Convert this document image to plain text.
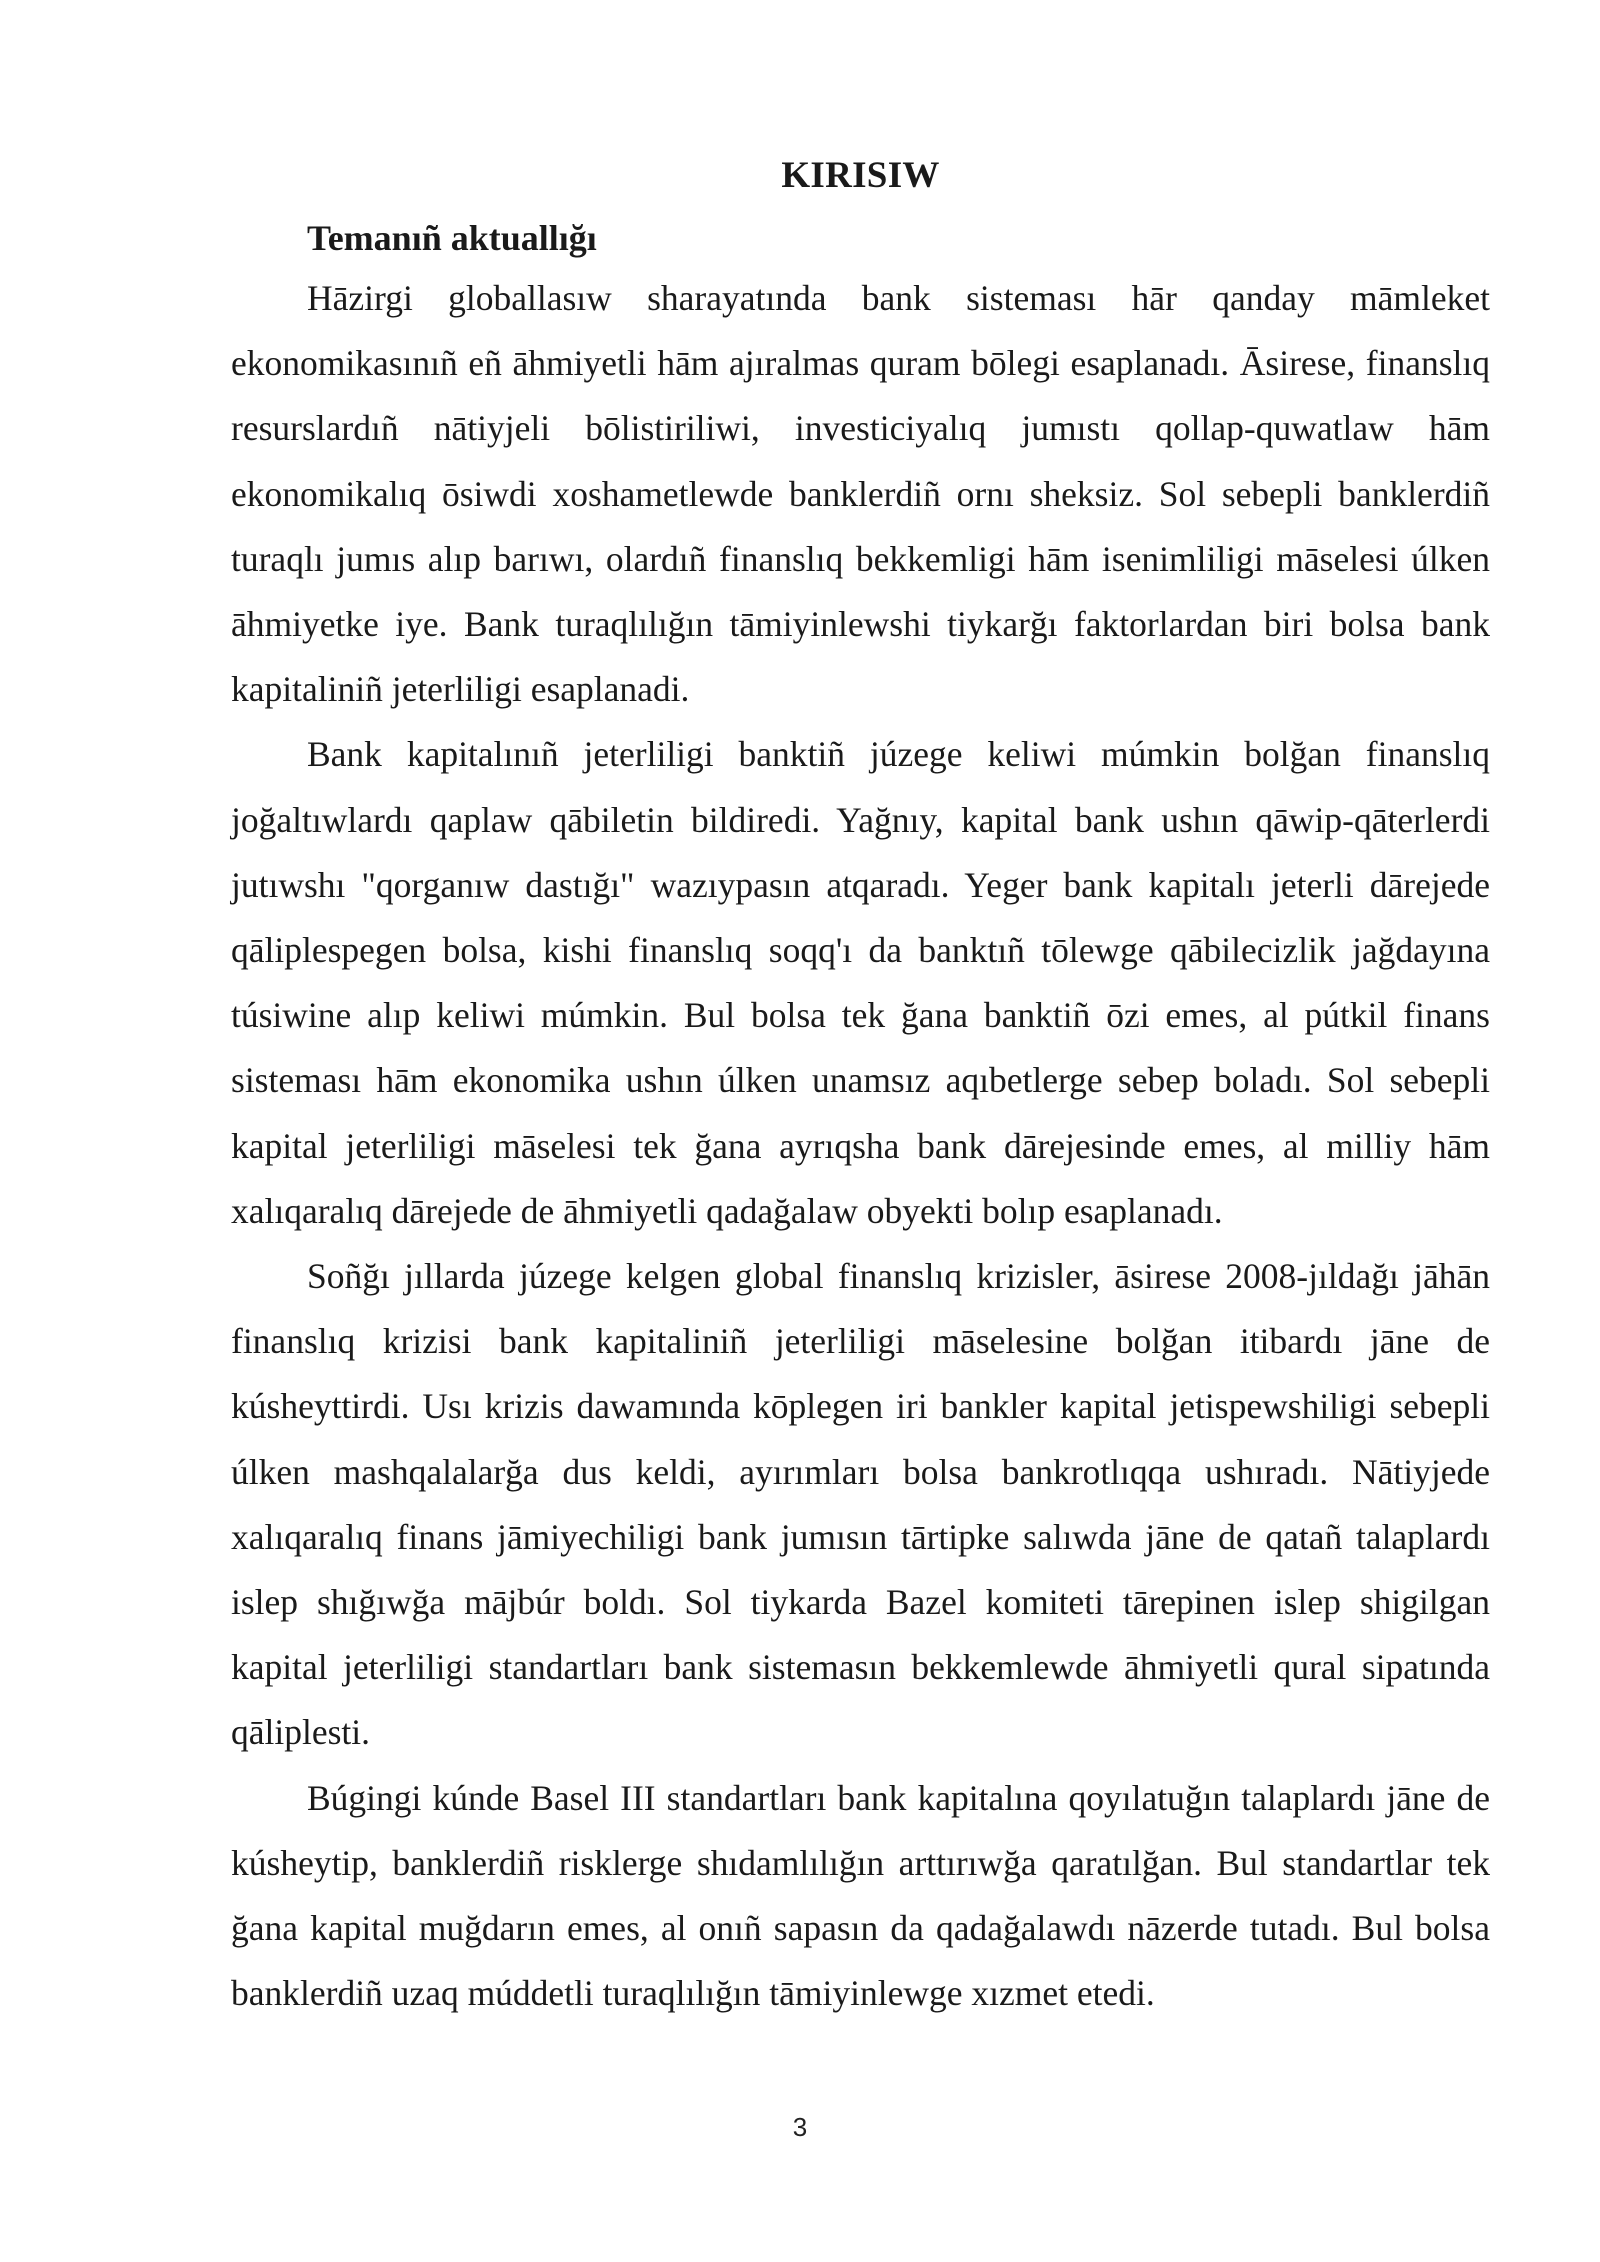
KIRISIW
Temanıñ aktuallığı

Hāzirgi globallasıw sharayatında bank sisteması hār qanday māmleket ekonomikasınıñ eñ āhmiyetli hām ajıralmas quram bōlegi esaplanadı. Āsirese, finanslıq resurslardıñ nātiyjeli bōlistiriliwi, investiciyalıq jumıstı qollap-quwatlaw hām ekonomikalıq ōsiwdi xoshametlewde banklerdiñ ornı sheksiz. Sol sebepli banklerdiñ turaqlı jumıs alıp barıwı, olardıñ finanslıq bekkemligi hām isenimliligi māselesi úlken āhmiyetke iye. Bank turaqlılığın tāmiyinlewshi tiykarğı faktorlardan biri bolsa bank kapitaliniñ jeterliligi esaplanadi.

Bank kapitalınıñ jeterliligi banktiñ júzege keliwi múmkin bolğan finanslıq joğaltıwlardı qaplaw qābiletin bildiredi. Yağnıy, kapital bank ushın qāwip-qāterlerdi jutıwshı "qorganıw dastığı" wazıypasın atqaradı. Yeger bank kapitalı jeterli dārejede qāliplespegen bolsa, kishi finanslıq soqq'ı da banktıñ tōlewge qābilecizlik jağdayına túsiwine alıp keliwi múmkin. Bul bolsa tek ğana banktiñ ōzi emes, al pútkil finans sisteması hām ekonomika ushın úlken unamsız aqıbetlerge sebep boladı. Sol sebepli kapital jeterliligi māselesi tek ğana ayrıqsha bank dārejesinde emes, al milliy hām xalıqaralıq dārejede de āhmiyetli qadağalaw obyekti bolıp esaplanadı.

Soñğı jıllarda júzege kelgen global finanslıq krizisler, āsirese 2008-jıldağı jāhān finanslıq krizisi bank kapitaliniñ jeterliligi māselesine bolğan itibardı jāne de kúsheyttirdi. Usı krizis dawamında kōplegen iri bankler kapital jetispewshiligi sebepli úlken mashqalalarğa dus keldi, ayırımları bolsa bankrotlıqqa ushıradı. Nātiyjede xalıqaralıq finans jāmiyechiligi bank jumısın tārtipke salıwda jāne de qatañ talaplardı islep shığıwğa mājbúr boldı. Sol tiykarda Bazel komiteti tārepinen islep shigilgan kapital jeterliligi standartları bank sistemasın bekkemlewde āhmiyetli qural sipatında qāliplesti.

Búgingi kúnde Basel III standartları bank kapitalına qoyılatuğın talaplardı jāne de kúsheytip, banklerdiñ risklerge shıdamlılığın arttırıwğa qaratılğan. Bul standartlar tek ğana kapital muğdarın emes, al onıñ sapasın da qadağalawdı nāzerde tutadı. Bul bolsa banklerdiñ uzaq múddetli turaqlılığın tāmiyinlewge xızmet etedi.

3
